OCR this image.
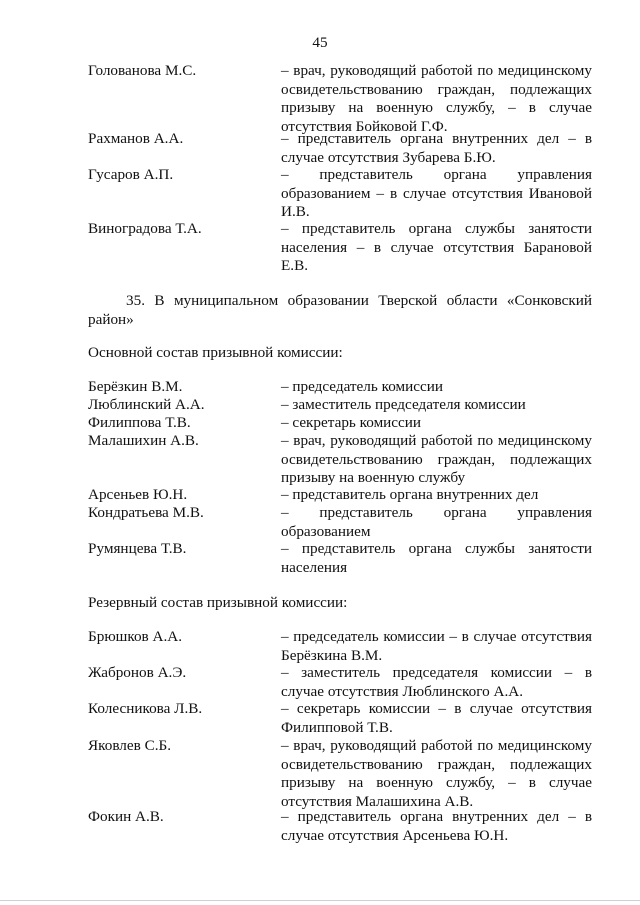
45
Голованова М.С.	– врач, руководящий работой по медицинскому освидетельствованию граждан, подлежащих призыву на военную службу, – в случае отсутствия Бойковой Г.Ф.
Рахманов А.А.	– представитель органа внутренних дел – в случае отсутствия Зубарева Б.Ю.
Гусаров А.П.	– представитель органа управления образованием – в случае отсутствия Ивановой И.В.
Виноградова Т.А.	– представитель органа службы занятости населения – в случае отсутствия Барановой Е.В.
35. В муниципальном образовании Тверской области «Сонковский район»
Основной состав призывной комиссии:
Берёзкин В.М.	– председатель комиссии
Люблинский А.А.	– заместитель председателя комиссии
Филиппова Т.В.	– секретарь комиссии
Малашихин А.В.	– врач, руководящий работой по медицинскому освидетельствованию граждан, подлежащих призыву на военную службу
Арсеньев Ю.Н.	– представитель органа внутренних дел
Кондратьева М.В.	– представитель органа управления образованием
Румянцева Т.В.	– представитель органа службы занятости населения
Резервный состав призывной комиссии:
Брюшков А.А.	– председатель комиссии – в случае отсутствия Берёзкина В.М.
Жабронов А.Э.	– заместитель председателя комиссии – в случае отсутствия Люблинского А.А.
Колесникова Л.В.	– секретарь комиссии – в случае отсутствия Филипповой Т.В.
Яковлев С.Б.	– врач, руководящий работой по медицинскому освидетельствованию граждан, подлежащих призыву на военную службу, – в случае отсутствия Малашихина А.В.
Фокин А.В.	– представитель органа внутренних дел – в случае отсутствия Арсеньева Ю.Н.
